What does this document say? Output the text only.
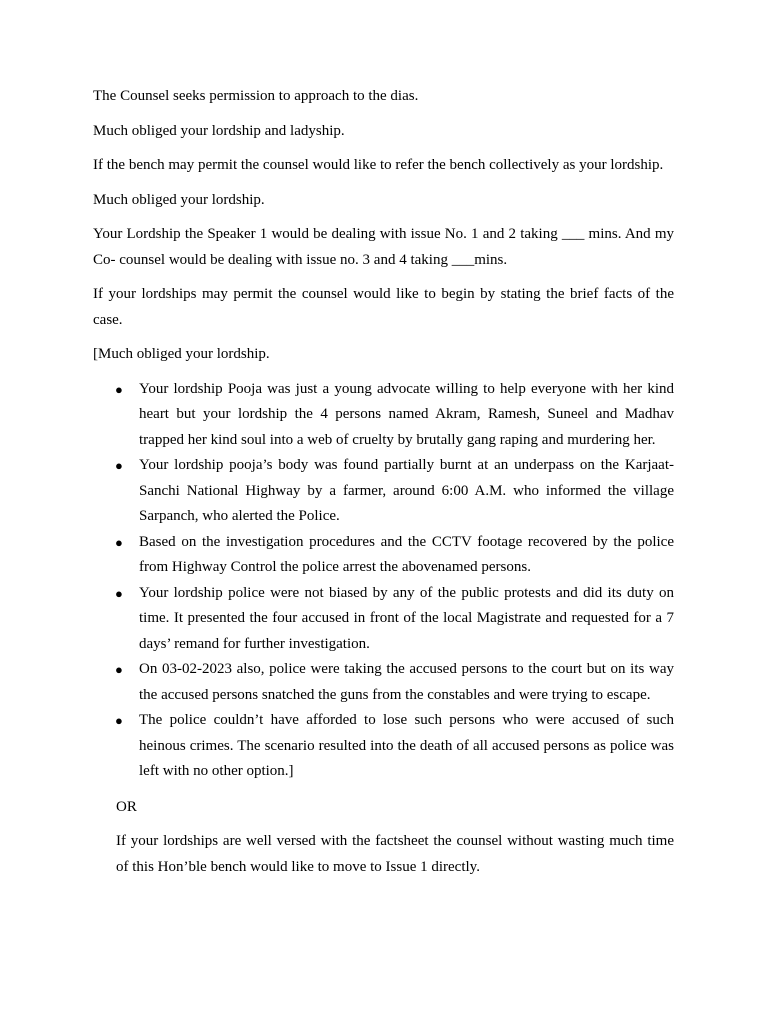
The Counsel seeks permission to approach to the dias.

Much obliged your lordship and ladyship.

If the bench may permit the counsel would like to refer the bench collectively as your lordship.

Much obliged your lordship.

Your Lordship the Speaker 1 would be dealing with issue No. 1 and 2 taking ___ mins. And my Co- counsel would be dealing with issue no. 3 and 4 taking ___mins.

If your lordships may permit the counsel would like to begin by stating the brief facts of the case.

[Much obliged your lordship.

● Your lordship Pooja was just a young advocate willing to help everyone with her kind heart but your lordship the 4 persons named Akram, Ramesh, Suneel and Madhav trapped her kind soul into a web of cruelty by brutally gang raping and murdering her.
● Your lordship pooja’s body was found partially burnt at an underpass on the Karjaat-Sanchi National Highway by a farmer, around 6:00 A.M. who informed the village Sarpanch, who alerted the Police.
● Based on the investigation procedures and the CCTV footage recovered by the police from Highway Control the police arrest the abovenamed persons.
● Your lordship police were not biased by any of the public protests and did its duty on time. It presented the four accused in front of the local Magistrate and requested for a 7 days’ remand for further investigation.
● On 03-02-2023 also, police were taking the accused persons to the court but on its way the accused persons snatched the guns from the constables and were trying to escape.
● The police couldn’t have afforded to lose such persons who were accused of such heinous crimes. The scenario resulted into the death of all accused persons as police was left with no other option.]

OR

If your lordships are well versed with the factsheet the counsel without wasting much time of this Hon’ble bench would like to move to Issue 1 directly.
